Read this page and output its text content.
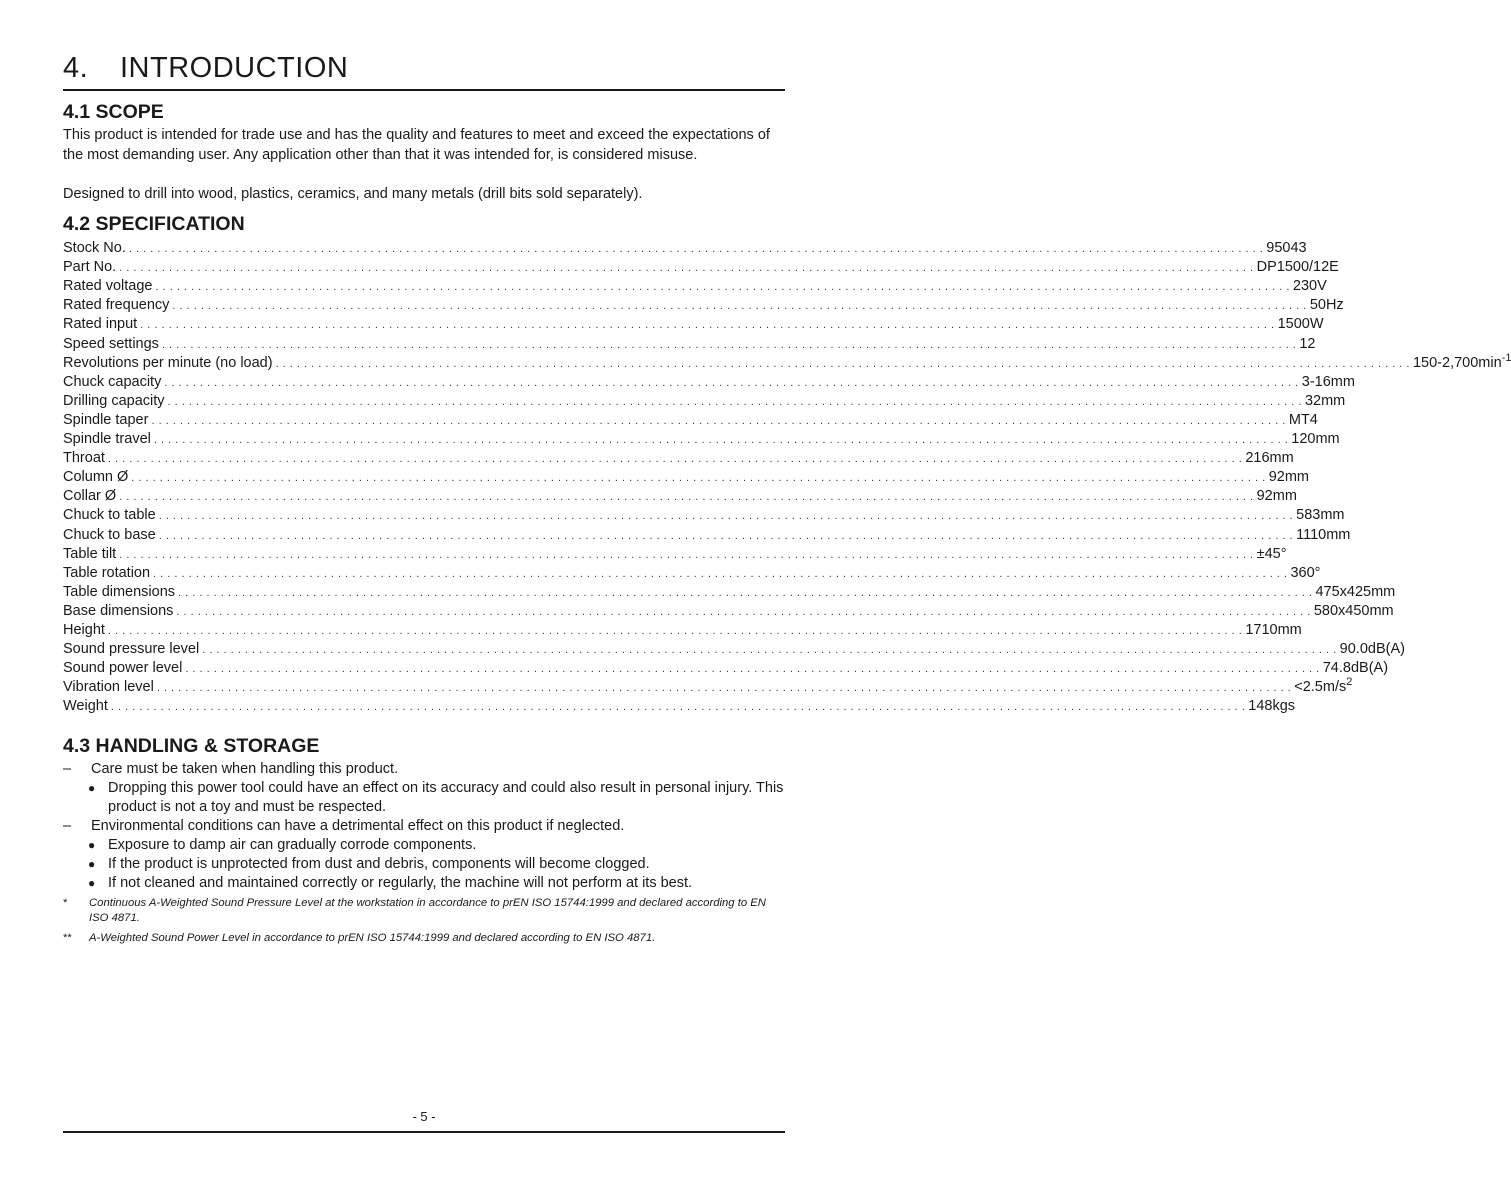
4. INTRODUCTION
4.1 SCOPE

This product is intended for trade use and has the quality and features to meet and exceed the expectations of the most demanding user. Any application other than that it was intended for, is considered misuse.

Designed to drill into wood, plastics, ceramics, and many metals (drill bits sold separately).

4.2 SPECIFICATION
Stock No. . . . . . . . . . . . . . . . . . . . . . . . . . . . . . . . . . . . . . . . . . . . . . . . . . . . . . . . . . . . . . . . . . . . . . . . . . . . . . . . . . . . . . . . . . . . . . . . . . . . . . . . . . . . . . . . . . . . . . . . . . . . . . . . . . . . . . . . . . . . . . . . . . . . . . . . . . . . . . . . . 95043
Part No. . . . . . . . . . . . . . . . . . . . . . . . . . . . . . . . . . . . . . . . . . . . . . . . . . . . . . . . . . . . . . . . . . . . . . . . . . . . . . . . . . . . . . . . . . . . . . . . . . . . . . . . . . . . . . . . . . . . . . . . . . . . . . . . . . . . . . . . . . . . . . . . . . . . . . . . . . . . . . . . . DP1500/12E
Rated voltage . . . . . . . . . . . . . . . . . . . . . . . . . . . . . . . . . . . . . . . . . . . . . . . . . . . . . . . . . . . . . . . . . . . . . . . . . . . . . . . . . . . . . . . . . . . . . . . . . . . . . . . . . . . . . . . . . . . . . . . . . . . . . . . . . . . . . . . . . . . . . . . . . . . . . . . . . . . . . . . . 230V
Rated frequency . . . . . . . . . . . . . . . . . . . . . . . . . . . . . . . . . . . . . . . . . . . . . . . . . . . . . . . . . . . . . . . . . . . . . . . . . . . . . . . . . . . . . . . . . . . . . . . . . . . . . . . . . . . . . . . . . . . . . . . . . . . . . . . . . . . . . . . . . . . . . . . . . . . . . . . . . . . . . . . . 50Hz
Rated input . . . . . . . . . . . . . . . . . . . . . . . . . . . . . . . . . . . . . . . . . . . . . . . . . . . . . . . . . . . . . . . . . . . . . . . . . . . . . . . . . . . . . . . . . . . . . . . . . . . . . . . . . . . . . . . . . . . . . . . . . . . . . . . . . . . . . . . . . . . . . . . . . . . . . . . . . . . . . . . . 1500W
Speed settings . . . . . . . . . . . . . . . . . . . . . . . . . . . . . . . . . . . . . . . . . . . . . . . . . . . . . . . . . . . . . . . . . . . . . . . . . . . . . . . . . . . . . . . . . . . . . . . . . . . . . . . . . . . . . . . . . . . . . . . . . . . . . . . . . . . . . . . . . . . . . . . . . . . . . . . . . . . . . . . . 12
Revolutions per minute (no load) . . . . . . . . . . . . . . . . . . . . . . . . . . . . . . . . . . . . . . . . . . . . . . . . . . . . . . . . . . . . . . . . . . . . . . . . . . . . . . . . . . . . . . . . . . . . . . . . . . . . . . . . . . . . . . . . . . . . . . . . . . . . . . . . . . . . . . . . . . . . . . . . . . . . . . . . . . . . . . . . $150-2,700\min^{-1}$
Chuck capacity . . . . . . . . . . . . . . . . . . . . . . . . . . . . . . . . . . . . . . . . . . . . . . . . . . . . . . . . . . . . . . . . . . . . . . . . . . . . . . . . . . . . . . . . . . . . . . . . . . . . . . . . . . . . . . . . . . . . . . . . . . . . . . . . . . . . . . . . . . . . . . . . . . . . . . . . . . . . . . . . 3-16mm
Drilling capacity . . . . . . . . . . . . . . . . . . . . . . . . . . . . . . . . . . . . . . . . . . . . . . . . . . . . . . . . . . . . . . . . . . . . . . . . . . . . . . . . . . . . . . . . . . . . . . . . . . . . . . . . . . . . . . . . . . . . . . . . . . . . . . . . . . . . . . . . . . . . . . . . . . . . . . . . . . . . . . . . 32mm
Spindle taper . . . . . . . . . . . . . . . . . . . . . . . . . . . . . . . . . . . . . . . . . . . . . . . . . . . . . . . . . . . . . . . . . . . . . . . . . . . . . . . . . . . . . . . . . . . . . . . . . . . . . . . . . . . . . . . . . . . . . . . . . . . . . . . . . . . . . . . . . . . . . . . . . . . . . . . . . . . . . . . . MT4
Spindle travel . . . . . . . . . . . . . . . . . . . . . . . . . . . . . . . . . . . . . . . . . . . . . . . . . . . . . . . . . . . . . . . . . . . . . . . . . . . . . . . . . . . . . . . . . . . . . . . . . . . . . . . . . . . . . . . . . . . . . . . . . . . . . . . . . . . . . . . . . . . . . . . . . . . . . . . . . . . . . . . . 120mm
Throat . . . . . . . . . . . . . . . . . . . . . . . . . . . . . . . . . . . . . . . . . . . . . . . . . . . . . . . . . . . . . . . . . . . . . . . . . . . . . . . . . . . . . . . . . . . . . . . . . . . . . . . . . . . . . . . . . . . . . . . . . . . . . . . . . . . . . . . . . . . . . . . . . . . . . . . . . . . . . . . . 216mm
Column Ø . . . . . . . . . . . . . . . . . . . . . . . . . . . . . . . . . . . . . . . . . . . . . . . . . . . . . . . . . . . . . . . . . . . . . . . . . . . . . . . . . . . . . . . . . . . . . . . . . . . . . . . . . . . . . . . . . . . . . . . . . . . . . . . . . . . . . . . . . . . . . . . . . . . . . . . . . . . . . . . . 92mm
Collar Ø . . . . . . . . . . . . . . . . . . . . . . . . . . . . . . . . . . . . . . . . . . . . . . . . . . . . . . . . . . . . . . . . . . . . . . . . . . . . . . . . . . . . . . . . . . . . . . . . . . . . . . . . . . . . . . . . . . . . . . . . . . . . . . . . . . . . . . . . . . . . . . . . . . . . . . . . . . . . . . . . 92mm
Chuck to table . . . . . . . . . . . . . . . . . . . . . . . . . . . . . . . . . . . . . . . . . . . . . . . . . . . . . . . . . . . . . . . . . . . . . . . . . . . . . . . . . . . . . . . . . . . . . . . . . . . . . . . . . . . . . . . . . . . . . . . . . . . . . . . . . . . . . . . . . . . . . . . . . . . . . . . . . . . . . . . . 583mm
Chuck to base . . . . . . . . . . . . . . . . . . . . . . . . . . . . . . . . . . . . . . . . . . . . . . . . . . . . . . . . . . . . . . . . . . . . . . . . . . . . . . . . . . . . . . . . . . . . . . . . . . . . . . . . . . . . . . . . . . . . . . . . . . . . . . . . . . . . . . . . . . . . . . . . . . . . . . . . . . . . . . . . 1110mm
Table tilt . . . . . . . . . . . . . . . . . . . . . . . . . . . . . . . . . . . . . . . . . . . . . . . . . . . . . . . . . . . . . . . . . . . . . . . . . . . . . . . . . . . . . . . . . . . . . . . . . . . . . . . . . . . . . . . . . . . . . . . . . . . . . . . . . . . . . . . . . . . . . . . . . . . . . . . . . . . . . . . . ±45°
Table rotation . . . . . . . . . . . . . . . . . . . . . . . . . . . . . . . . . . . . . . . . . . . . . . . . . . . . . . . . . . . . . . . . . . . . . . . . . . . . . . . . . . . . . . . . . . . . . . . . . . . . . . . . . . . . . . . . . . . . . . . . . . . . . . . . . . . . . . . . . . . . . . . . . . . . . . . . . . . . . . . . 360°
Table dimensions . . . . . . . . . . . . . . . . . . . . . . . . . . . . . . . . . . . . . . . . . . . . . . . . . . . . . . . . . . . . . . . . . . . . . . . . . . . . . . . . . . . . . . . . . . . . . . . . . . . . . . . . . . . . . . . . . . . . . . . . . . . . . . . . . . . . . . . . . . . . . . . . . . . . . . . . . . . . . . . . 475x425mm
Base dimensions . . . . . . . . . . . . . . . . . . . . . . . . . . . . . . . . . . . . . . . . . . . . . . . . . . . . . . . . . . . . . . . . . . . . . . . . . . . . . . . . . . . . . . . . . . . . . . . . . . . . . . . . . . . . . . . . . . . . . . . . . . . . . . . . . . . . . . . . . . . . . . . . . . . . . . . . . . . . . . . . 580x450mm
Height . . . . . . . . . . . . . . . . . . . . . . . . . . . . . . . . . . . . . . . . . . . . . . . . . . . . . . . . . . . . . . . . . . . . . . . . . . . . . . . . . . . . . . . . . . . . . . . . . . . . . . . . . . . . . . . . . . . . . . . . . . . . . . . . . . . . . . . . . . . . . . . . . . . . . . . . . . . . . . . . 1710mm
Sound pressure level . . . . . . . . . . . . . . . . . . . . . . . . . . . . . . . . . . . . . . . . . . . . . . . . . . . . . . . . . . . . . . . . . . . . . . . . . . . . . . . . . . . . . . . . . . . . . . . . . . . . . . . . . . . . . . . . . . . . . . . . . . . . . . . . . . . . . . . . . . . . . . . . . . . . . . . . . . . . . . . . 90.0dB(A)
Sound power level . . . . . . . . . . . . . . . . . . . . . . . . . . . . . . . . . . . . . . . . . . . . . . . . . . . . . . . . . . . . . . . . . . . . . . . . . . . . . . . . . . . . . . . . . . . . . . . . . . . . . . . . . . . . . . . . . . . . . . . . . . . . . . . . . . . . . . . . . . . . . . . . . . . . . . . . . . . . . . . . 74.8dB(A)
Vibration level . . . . . . . . . . . . . . . . . . . . . . . . . . . . . . . . . . . . . . . . . . . . . . . . . . . . . . . . . . . . . . . . . . . . . . . . . . . . . . . . . . . . . . . . . . . . . . . . . . . . . . . . . . . . . . . . . . . . . . . . . . . . . . . . . . . . . . . . . . . . . . . . . . . . . . . . . . . . . . . . $<2.5m/s^2$
Weight . . . . . . . . . . . . . . . . . . . . . . . . . . . . . . . . . . . . . . . . . . . . . . . . . . . . . . . . . . . . . . . . . . . . . . . . . . . . . . . . . . . . . . . . . . . . . . . . . . . . . . . . . . . . . . . . . . . . . . . . . . . . . . . . . . . . . . . . . . . . . . . . . . . . . . . . . . . . . . . . 148kgs
4.3 HANDLING & STORAGE
– Care must be taken when handling this product.
● Dropping this power tool could have an effect on its accuracy and could also result in personal injury. This product is not a toy and must be respected.
– Environmental conditions can have a detrimental effect on this product if neglected.
● Exposure to damp air can gradually corrode components.
● If the product is unprotected from dust and debris, components will become clogged.
● If not cleaned and maintained correctly or regularly, the machine will not perform at its best.
* Continuous A-Weighted Sound Pressure Level at the workstation in accordance to prEN ISO 15744:1999 and declared according to EN ISO 4871.
** A-Weighted Sound Power Level in accordance to prEN ISO 15744:1999 and declared according to EN ISO 4871.
- 5 -
